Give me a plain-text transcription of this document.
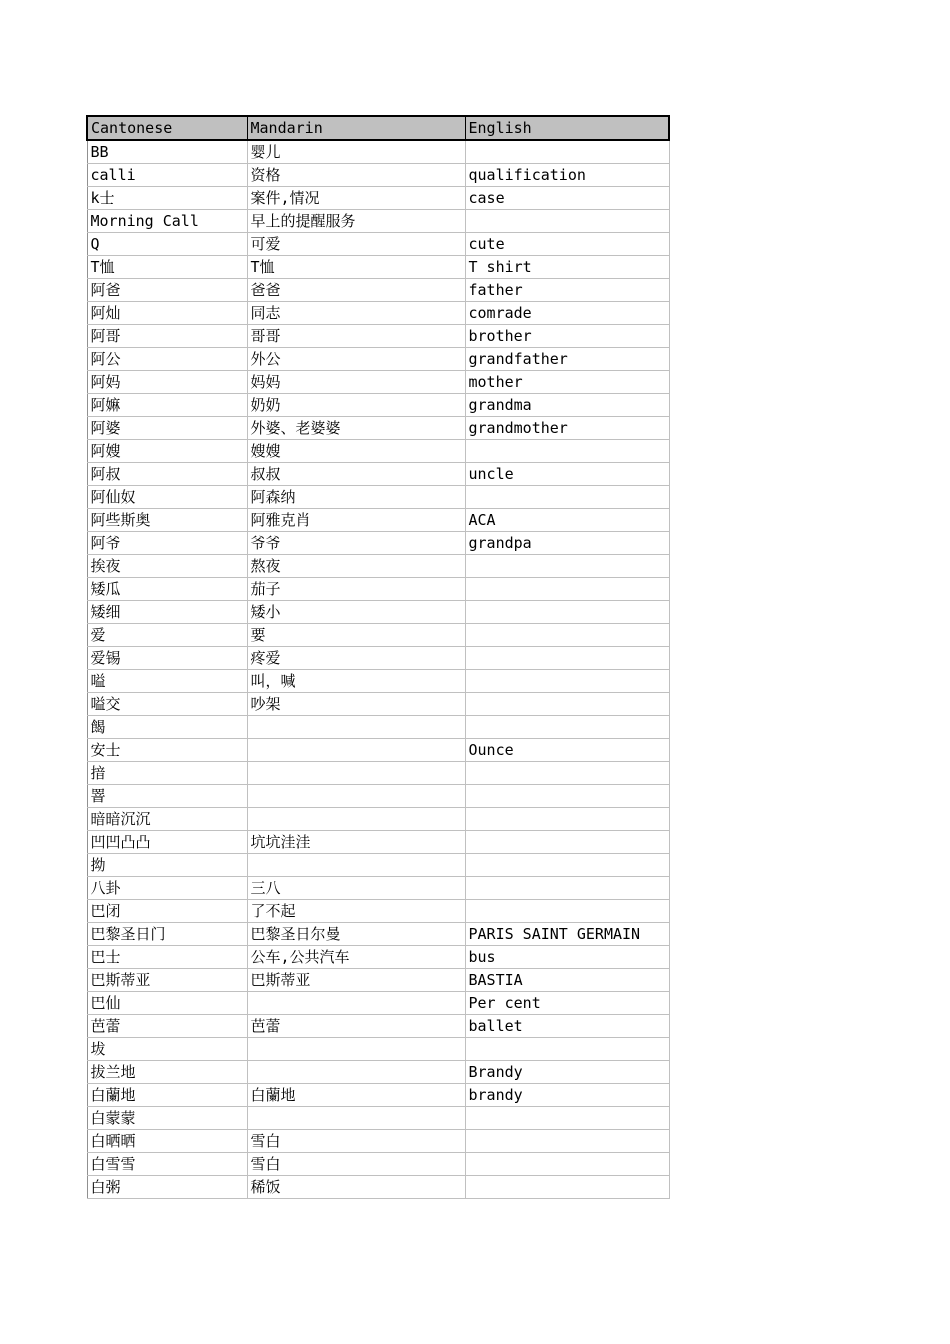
Cantonese	Mandarin	English
BB	婴儿	
calli	资格	qualification
k士	案件,情况	case
Morning Call	早上的提醒服务	
Q	可爱	cute
T恤	T恤	T shirt
阿爸	爸爸	father
阿灿	同志	comrade
阿哥	哥哥	brother
阿公	外公	grandfather
阿妈	妈妈	mother
阿嫲	奶奶	grandma
阿婆	外婆、老婆婆	grandmother
阿嫂	嫂嫂	
阿叔	叔叔	uncle
阿仙奴	阿森纳	
阿些斯奥	阿雅克肖	ACA
阿爷	爷爷	grandpa
挨夜	熬夜	
矮瓜	茄子	
矮细	矮小	
爱	要	
爱锡	疼爱	
嗌	叫，喊	
嗌交	吵架	
餲		
安士		Ounce
揞		
罯		
暗暗沉沉		
凹凹凸凸	坑坑洼洼	
拗		
八卦	三八	
巴闭	了不起	
巴黎圣日门	巴黎圣日尔曼	PARIS SAINT GERMAIN
巴士	公车,公共汽车	bus
巴斯蒂亚	巴斯蒂亚	BASTIA
巴仙		Per cent
芭蕾	芭蕾	ballet
坺		
拔兰地		Brandy
白蘭地	白蘭地	brandy
白蒙蒙		
白晒晒	雪白	
白雪雪	雪白	
白粥	稀饭	
